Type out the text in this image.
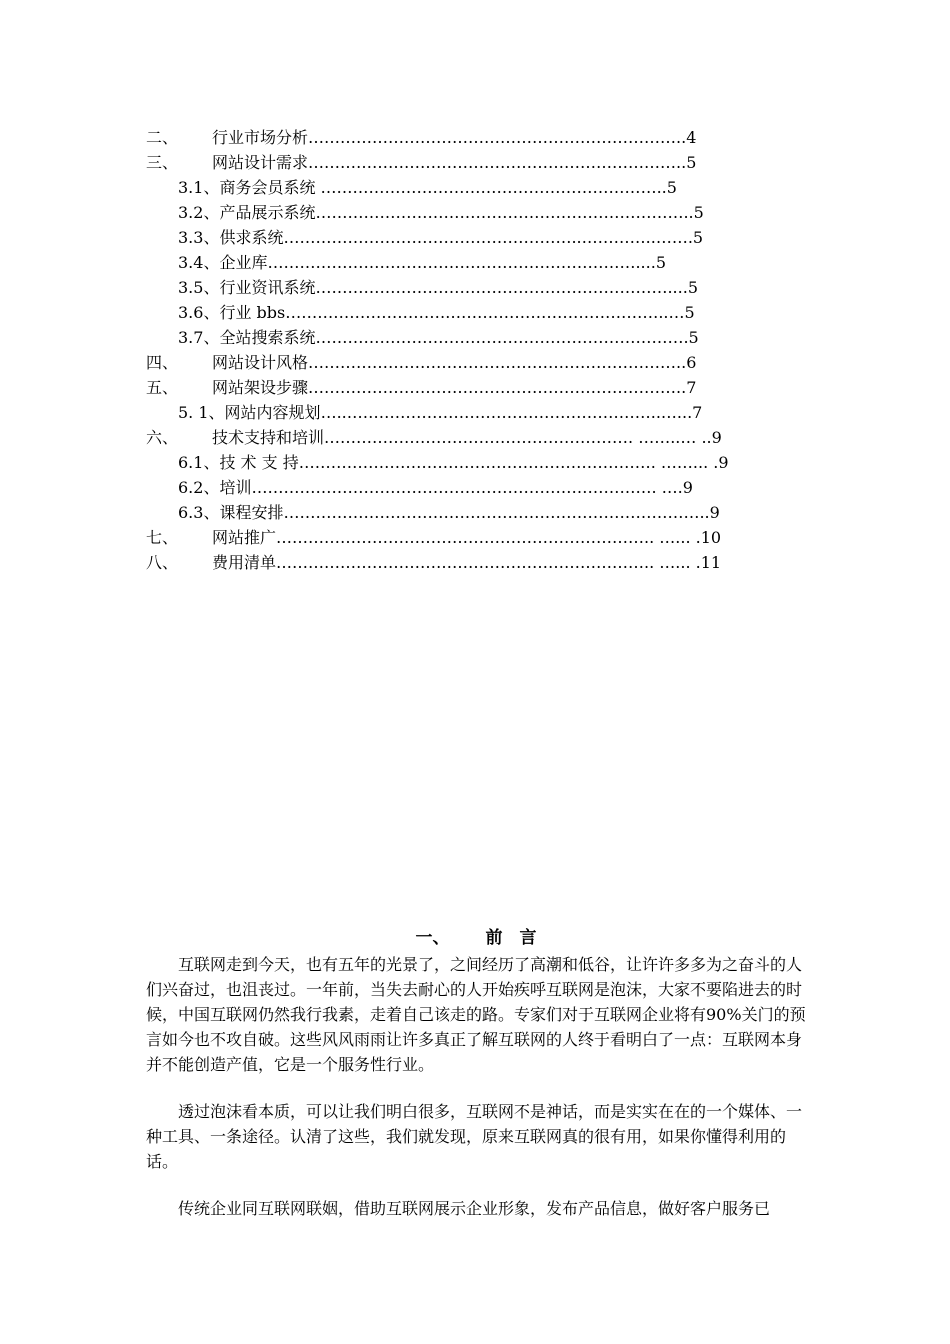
二、 行业市场分析……………………………………………………………..4
三、 网站设计需求……………………………………………………………..5
3.1、商务会员系统 ………………………………………………………..5
3.2、产品展示系统……………………………………………………………..5
3.3、供求系统………………………………………………..…………..…….5
3.4、企业库……………………………………………………………....5
3.5、行业资讯系统…………………………………………………………....5
3.6、行业 bbs………………………….…………………………………..…5
3.7、全站搜索系统…………………………………………………………….5
四、 网站设计风格……………………………………………………………..6
五、 网站架设步骤……………………………………………………………..7
5. 1、网站内容规划…..…………………………………………………..…...7
六、 技术支持和培训…………………………………………………. ……..… ..9
6.1、技 术 支 持…………………………………………………………. ……... .9
6.2、培训…………………………………………………………………. ….9
6.3、课程安排……………………………………………………………………..9
七、 网站推广…………………………………………………………….. …... .10
八、 费用清单…………………………………………………………….. …... .11
一、 前　言

互联网走到今天，也有五年的光景了，之间经历了高潮和低谷，让许许多多为之奋斗的人们兴奋过，也沮丧过。一年前，当失去耐心的人开始疾呼互联网是泡沫，大家不要陷进去的时候，中国互联网仍然我行我素，走着自己该走的路。专家们对于互联网企业将有90%关门的预言如今也不攻自破。这些风风雨雨让许多真正了解互联网的人终于看明白了一点：互联网本身并不能创造产值，它是一个服务性行业。

透过泡沫看本质，可以让我们明白很多，互联网不是神话，而是实实在在的一个媒体、一种工具、一条途径。认清了这些，我们就发现，原来互联网真的很有用，如果你懂得利用的话。

传统企业同互联网联姻，借助互联网展示企业形象，发布产品信息，做好客户服务已
